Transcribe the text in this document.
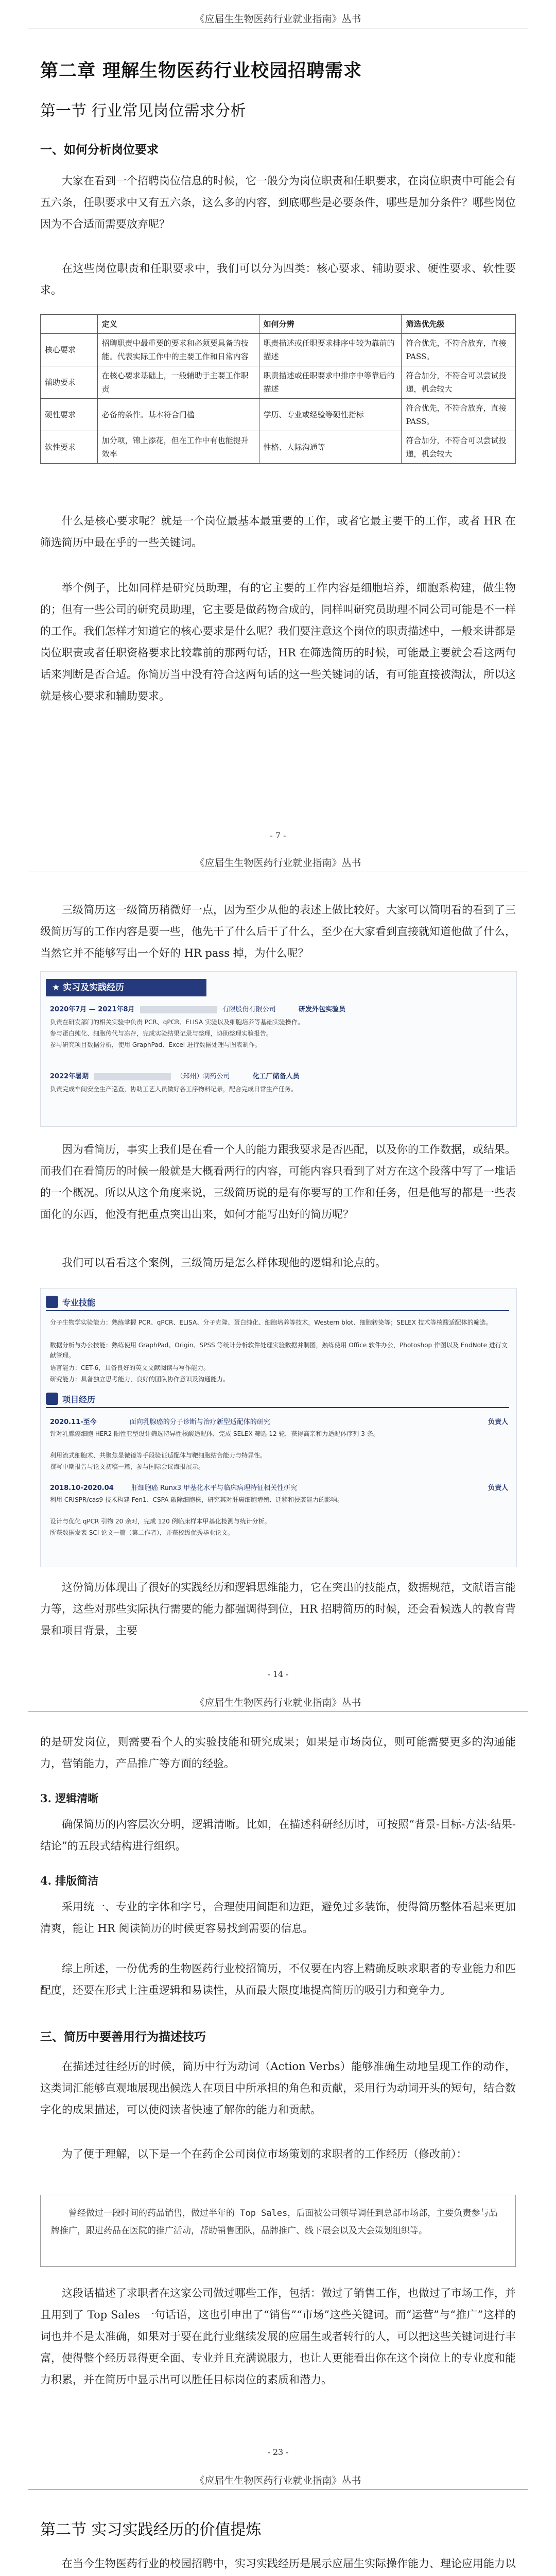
《应届生生物医药行业就业指南》丛书
第二章 理解生物医药行业校园招聘需求
第一节 行业常见岗位需求分析
一、如何分析岗位要求

大家在看到一个招聘岗位信息的时候，它一般分为岗位职责和任职要求，在岗位职责中可能会有五六条，任职要求中又有五六条，这么多的内容，到底哪些是必要条件，哪些是加分条件？哪些岗位因为不合适而需要放弃呢？

在这些岗位职责和任职要求中，我们可以分为四类：核心要求、辅助要求、硬性要求、软性要求。

	定义	如何分辨	筛选优先级
核心要求	招聘职责中最重要的要求和必须要具备的技能。代表实际工作中的主要工作和日常内容	职责描述或任职要求排序中较为靠前的描述	符合优先，不符合放弃，直接 PASS。
辅助要求	在核心要求基础上，一般辅助于主要工作职责	职责描述或任职要求中排序中等靠后的描述	符合加分，不符合可以尝试投递，机会较大
硬性要求	必备的条件。基本符合门槛	学历、专业或经验等硬性指标	符合优先，不符合放弃，直接 PASS。
软性要求	加分项，锦上添花，但在工作中有也能提升效率	性格、人际沟通等	符合加分，不符合可以尝试投递，机会较大

什么是核心要求呢？就是一个岗位最基本最重要的工作，或者它最主要干的工作，或者 HR 在筛选简历中最在乎的一些关键词。

举个例子，比如同样是研究员助理，有的它主要的工作内容是细胞培养，细胞系构建，做生物的；但有一些公司的研究员助理，它主要是做药物合成的，同样叫研究员助理不同公司可能是不一样的工作。我们怎样才知道它的核心要求是什么呢？我们要注意这个岗位的职责描述中，一般来讲都是岗位职责或者任职资格要求比较靠前的那两句话，HR 在筛选简历的时候，可能最主要就会看这两句话来判断是否合适。你简历当中没有符合这两句话的这一些关键词的话，有可能直接被淘汰，所以这就是核心要求和辅助要求。

- 7 -
《应届生生物医药行业就业指南》丛书

三级简历这一级简历稍微好一点，因为至少从他的表述上做比较好。大家可以简明看的看到了三级简历写的工作内容是要一些，他先干了什么后干了什么，至少在大家看到直接就知道他做了什么，当然它并不能够写出一个好的 HR pass 掉，为什么呢？

★ 实习及实践经历
2020年7月 — 2021年8月	有限股份有限公司	研发外包实验员
负责在研发部门的相关实验中负责 PCR、qPCR、ELISA 实验以及细胞培养等基础实验操作。
参与蛋白纯化、细胞传代与冻存，完成实验结果记录与整理，协助整理实验报告。
参与研究项目数据分析，使用 GraphPad、Excel 进行数据处理与图表制作。
2022年暑期	（郑州）制药公司	化工厂储备人员
负责完成车间安全生产巡查，协助工艺人员做好各工序物料记录，配合完成日常生产任务。

因为看简历，事实上我们是在看一个人的能力跟我要求是否匹配，以及你的工作数据，或结果。而我们在看简历的时候一般就是大概看两行的内容，可能内容只看到了对方在这个段落中写了一堆话的一个概况。所以从这个角度来说，三级简历说的是有你要写的工作和任务，但是他写的都是一些表面化的东西，他没有把重点突出出来，如何才能写出好的简历呢？

我们可以看看这个案例，三级简历是怎么样体现他的逻辑和论点的。

专业技能
分子生物学实验能力：熟练掌握 PCR、qPCR、ELISA、分子克隆、蛋白纯化、细胞培养等技术，Western blot、细胞转染等；SELEX 技术等核酸适配体的筛选。
数据分析与办公技能：熟练使用 GraphPad、Origin、SPSS 等统计分析软件处理实验数据并制图，熟练使用 Office 软件办公，Photoshop 作图以及 EndNote 进行文献管理。
语言能力：CET-6，具备良好的英文文献阅读与写作能力。
研究能力：具备独立思考能力，良好的团队协作意识及沟通能力。
项目经历
2020.11-至今	面向乳腺癌的分子诊断与治疗新型适配体的研究	负责人
针对乳腺癌细胞 HER2 阳性亚型设计筛选特异性核酸适配体，完成 SELEX 筛选 12 轮，获得高亲和力适配体序列 3 条。
利用流式细胞术、共聚焦显微镜等手段验证适配体与靶细胞结合能力与特异性。
撰写中期报告与论文初稿一篇，参与国际会议海报展示。
2018.10-2020.04	肝细胞癌 Runx3 甲基化水平与临床病理特征相关性研究	负责人
利用 CRISPR/cas9 技术构建 Fen1、CSPA 敲除细胞株，研究其对肝癌细胞增殖、迁移和侵袭能力的影响。
设计与优化 qPCR 引物 20 余对，完成 120 例临床样本甲基化检测与统计分析。
所获数据发表 SCI 论文一篇（第二作者），并获校级优秀毕业论文。

这份简历体现出了很好的实践经历和逻辑思维能力，它在突出的技能点，数据规范，文献语言能力等，这些对那些实际执行需要的能力都强调得到位，HR 招聘简历的时候，还会看候选人的教育背景和项目背景，主要

- 14 -
《应届生生物医药行业就业指南》丛书

的是研发岗位，则需要看个人的实验技能和研究成果；如果是市场岗位，则可能需要更多的沟通能力，营销能力，产品推广等方面的经验。

3. 逻辑清晰

确保简历的内容层次分明，逻辑清晰。比如，在描述科研经历时，可按照“背景-目标-方法-结果-结论”的五段式结构进行组织。

4. 排版简洁

采用统一、专业的字体和字号，合理使用间距和边距，避免过多装饰，使得简历整体看起来更加清爽，能让 HR 阅读简历的时候更容易找到需要的信息。

综上所述，一份优秀的生物医药行业校招简历，不仅要在内容上精确反映求职者的专业能力和匹配度，还要在形式上注重逻辑和易读性，从而最大限度地提高简历的吸引力和竞争力。

三、简历中要善用行为描述技巧

在描述过往经历的时候，简历中行为动词（Action Verbs）能够准确生动地呈现工作的动作，这类词汇能够直观地展现出候选人在项目中所承担的角色和贡献，采用行为动词开头的短句，结合数字化的成果描述，可以使阅读者快速了解你的能力和贡献。

为了便于理解，以下是一个在药企公司岗位市场策划的求职者的工作经历（修改前）：

曾经做过一段时间的药品销售，做过半年的 Top Sales，后面被公司领导调任到总部市场部，主要负责参与品牌推广，跟进药品在医院的推广活动，帮助销售团队，品牌推广、线下展会以及大会策划组织等。

这段话描述了求职者在这家公司做过哪些工作，包括：做过了销售工作，也做过了市场工作，并且用到了 Top Sales 一句话语，这也引申出了“销售”“市场”这些关键词。而“运营”与“推广”这样的词也并不是太准确，如果对于要在此行业继续发展的应届生或者转行的人，可以把这些关键词进行丰富，使得整个经历显得更全面、专业并且充满说服力，也让人更能看出你在这个岗位上的专业度和能力积累，并在简历中显示出可以胜任目标岗位的素质和潜力。

- 23 -
《应届生生物医药行业就业指南》丛书
第二节 实习实践经历的价值提炼

在当今生物医药行业的校园招聘中，实习实践经历是展示应届生实际操作能力、理论应用能力以
